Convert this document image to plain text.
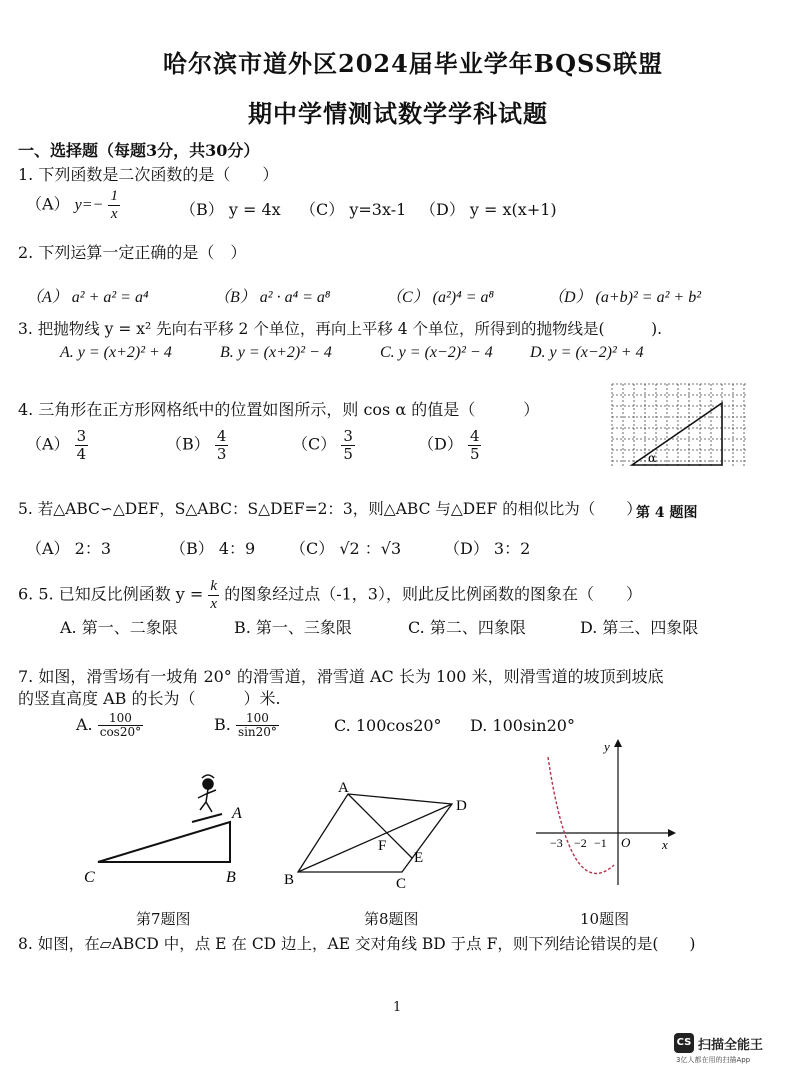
哈尔滨市道外区2024届毕业学年BQSS联盟
期中学情测试数学学科试题
一、选择题（每题3分，共30分）
1. 下列函数是二次函数的是（　　）
（A） $y=- \frac{1}{x}$	（B） y = 4x （C） y=3x-1 （D） y = x(x+1)
2. 下列运算一定正确的是（　）
（A） a² + a² = a⁴	（B） a² · a⁴ = a⁸	（C） (a²)⁴ = a⁸	（D） (a+b)² = a² + b²
3. 把抛物线 y = x² 先向右平移 2 个单位，再向上平移 4 个单位，所得到的抛物线是(　　　).
A. y = (x+2)² + 4	B. y = (x+2)² − 4	C. y = (x−2)² − 4 D. y = (x−2)² + 4
4. 三角形在正方形网格纸中的位置如图所示，则 cos α 的值是（　　　）
$(A) \frac{3}{4}$	$(B) \frac{4}{3}$	$(C) \frac{3}{5}$	$(D) \frac{4}{5}$	α
第 4 题图
5. 若△ABC∽△DEF，S△ABC：S△DEF=2：3，则△ABC 与△DEF 的相似比为（　　）
（A） 2：3	（B） 4：9 （C） √2 ：√3	（D） 3：2
6. 5. 已知反比例函数 $y = \frac{k}{x}$ 的图象经过点（-1，3），则此反比例函数的图象在（　　）
A. 第一、二象限	B. 第一、三象限	C. 第二、四象限	D. 第三、四象限
7. 如图，滑雪场有一坡角 20° 的滑雪道，滑雪道 AC 长为 100 米，则滑雪道的坡顶到坡底
的竖直高度 AB 的长为（　　　）米.
A. $\frac{100}{\cos 20^\circ}$	B. $\frac{100}{\sin 20^\circ}$	C. 100cos20° D. 100sin20°
A
C	B
第7题图
A
D
B	C
E
F
第8题图
y
x
O
−3 −2 −1
10题图
8. 如图，在▱ABCD 中，点 E 在 CD 边上，AE 交对角线 BD 于点 F，则下列结论错误的是(　　)
1
CS 扫描全能王
3亿人都在用的扫描App
